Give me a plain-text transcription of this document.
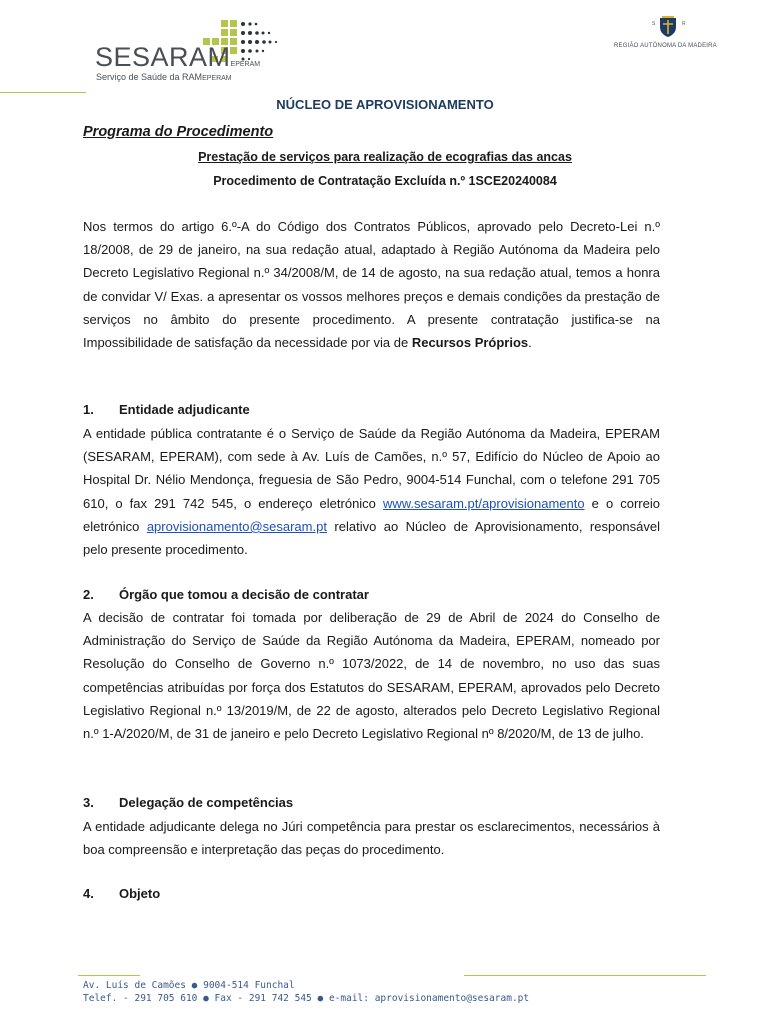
SESARAMEPERAM
Serviço de Saúde da RAMEPERAM
S	R
REGIÃO AUTÓNOMA DA MADEIRA
NÚCLEO DE APROVISIONAMENTO
Programa do Procedimento
Prestação de serviços para realização de ecografias das ancas
Procedimento de Contratação Excluída n.º 1SCE20240084

Nos termos do artigo 6.º-A do Código dos Contratos Públicos, aprovado pelo Decreto-Lei n.º 18/2008, de 29 de janeiro, na sua redação atual, adaptado à Região Autónoma da Madeira pelo Decreto Legislativo Regional n.º 34/2008/M, de 14 de agosto, na sua redação atual, temos a honra de convidar V/ Exas. a apresentar os vossos melhores preços e demais condições da prestação de serviços no âmbito do presente procedimento. A presente contratação justifica-se na Impossibilidade de satisfação da necessidade por via de Recursos Próprios.

1. Entidade adjudicante

A entidade pública contratante é o Serviço de Saúde da Região Autónoma da Madeira, EPERAM (SESARAM, EPERAM), com sede à Av. Luís de Camões, n.º 57, Edifício do Núcleo de Apoio ao Hospital Dr. Nélio Mendonça, freguesia de São Pedro, 9004-514 Funchal, com o telefone 291 705 610, o fax 291 742 545, o endereço eletrónico www.sesaram.pt/aprovisionamento e o correio eletrónico aprovisionamento@sesaram.pt relativo ao Núcleo de Aprovisionamento, responsável pelo presente procedimento.

2. Órgão que tomou a decisão de contratar

A decisão de contratar foi tomada por deliberação de 29 de Abril de 2024 do Conselho de Administração do Serviço de Saúde da Região Autónoma da Madeira, EPERAM, nomeado por Resolução do Conselho de Governo n.º 1073/2022, de 14 de novembro, no uso das suas competências atribuídas por força dos Estatutos do SESARAM, EPERAM, aprovados pelo Decreto Legislativo Regional n.º 13/2019/M, de 22 de agosto, alterados pelo Decreto Legislativo Regional n.º 1-A/2020/M, de 31 de janeiro e pelo Decreto Legislativo Regional nº 8/2020/M, de 13 de julho.

3. Delegação de competências

A entidade adjudicante delega no Júri competência para prestar os esclarecimentos, necessários à boa compreensão e interpretação das peças do procedimento.

4. Objeto

Av. Luís de Camões ● 9004-514 Funchal
Telef. - 291 705 610 ● Fax - 291 742 545 ● e-mail: aprovisionamento@sesaram.pt
